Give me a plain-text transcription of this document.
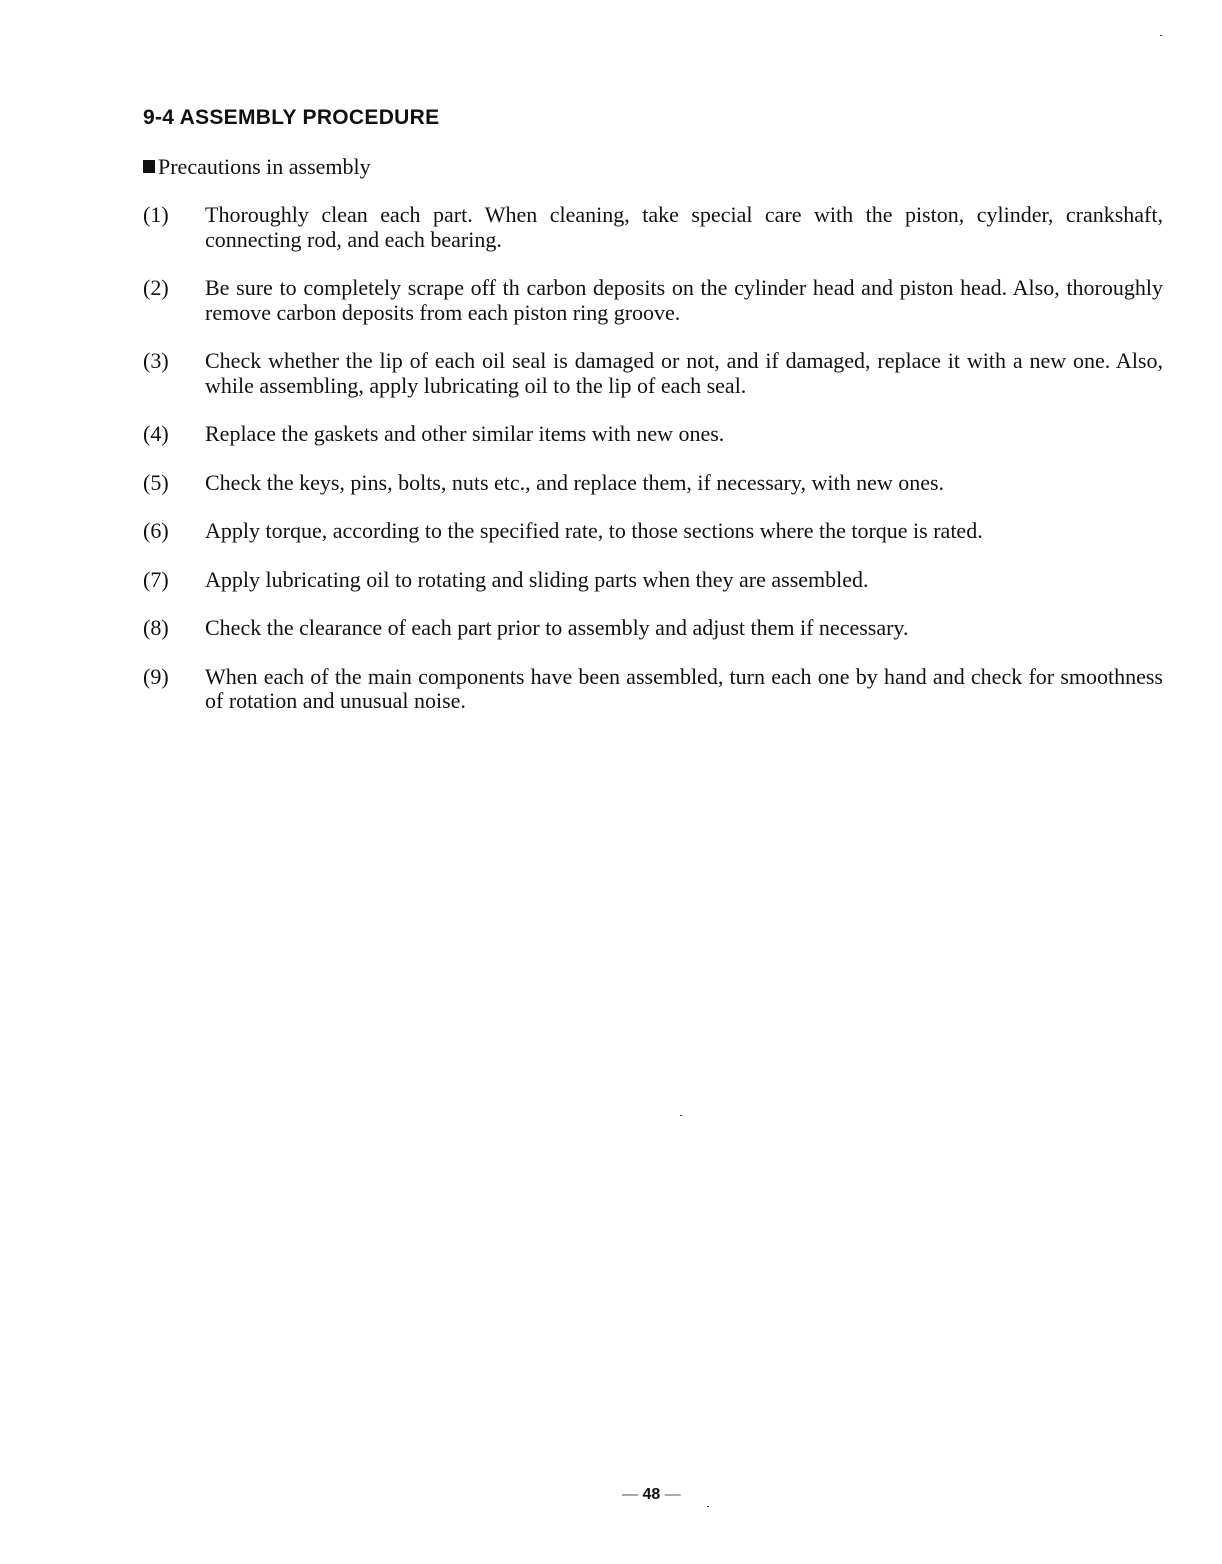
9-4 ASSEMBLY PROCEDURE

Precautions in assembly

(1)	Thoroughly clean each part. When cleaning, take special care with the piston, cylinder, crankshaft, connecting rod, and each bearing.
(2)	Be sure to completely scrape off th carbon deposits on the cylinder head and piston head. Also, thoroughly remove carbon deposits from each piston ring groove.
(3)	Check whether the lip of each oil seal is damaged or not, and if damaged, replace it with a new one. Also, while assembling, apply lubricating oil to the lip of each seal.
(4)	Replace the gaskets and other similar items with new ones.
(5)	Check the keys, pins, bolts, nuts etc., and replace them, if necessary, with new ones.
(6)	Apply torque, according to the specified rate, to those sections where the torque is rated.
(7)	Apply lubricating oil to rotating and sliding parts when they are assembled.
(8)	Check the clearance of each part prior to assembly and adjust them if necessary.
(9)	When each of the main components have been assembled, turn each one by hand and check for smoothness of rotation and unusual noise.
— 48 —
